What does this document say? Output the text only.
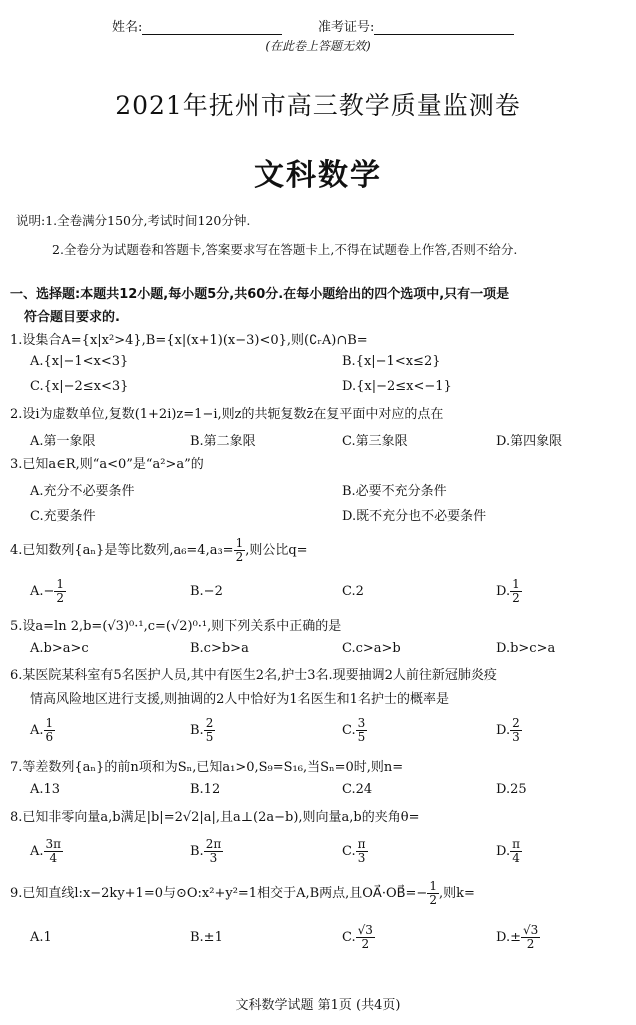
姓名:	准考证号:
(在此卷上答题无效)
2021年抚州市高三教学质量监测卷
文科数学
说明:1.全卷满分150分,考试时间120分钟.
2.全卷分为试题卷和答题卡,答案要求写在答题卡上,不得在试题卷上作答,否则不给分.
一、选择题:本题共12小题,每小题5分,共60分.在每小题给出的四个选项中,只有一项是
符合题目要求的.
1.设集合A={x|x²>4},B={x|(x+1)(x−3)<0},则(∁ᵣA)∩B=
A.{x|−1<x<3}	B.{x|−1<x≤2}
C.{x|−2≤x<3}	D.{x|−2≤x<−1}
2.设i为虚数单位,复数(1+2i)z=1−i,则z的共轭复数z̄在复平面中对应的点在
A.第一象限	B.第二象限	C.第三象限	D.第四象限
3.已知a∈R,则“a<0”是“a²>a”的
A.充分不必要条件	B.必要不充分条件
C.充要条件	D.既不充分也不必要条件
4.已知数列{aₙ}是等比数列$,a_6=4,a_3= \frac{1}{2}$ ,则公比q=
$A.- \frac{1}{2}$	B.−2	C.2	D. $\frac{1}{2}$
5.设a=ln 2,b=(√3)⁰·¹,c=(√2)⁰·¹,则下列关系中正确的是
A.b>a>c	B.c>b>a	C.c>a>b	D.b>c>a
6.某医院某科室有5名医护人员,其中有医生2名,护士3名.现要抽调2人前往新冠肺炎疫
情高风险地区进行支援,则抽调的2人中恰好为1名医生和1名护士的概率是
A. $\frac{1}{6}$	B. $\frac{2}{5}$	C. $\frac{3}{5}$	D. $\frac{2}{3}$
7.等差数列{aₙ}的前n项和为Sₙ,已知a₁>0,S₉=S₁₆,当Sₙ=0时,则n=
A.13	B.12	C.24	D.25
8.已知非零向量a,b满足|b|=2√2|a|,且a⊥(2a−b),则向量a,b的夹角θ=
A. $\frac{3\pi}{4}$	B. $\frac{2\pi}{3}$	C. $\frac{\pi}{3}$	D. $\frac{\pi}{4}$
9.已知直线l:x−2ky+1=0与⊙O:x²+y²=1相交于A,B两点,且OA⃗·OB⃗=− $\frac{1}{2}$ ,则k=
A.1	B.±1	C. $\frac{√3}{2}$	$D.\pm \frac{√3}{2}$
文科数学试题 第1页 (共4页)
